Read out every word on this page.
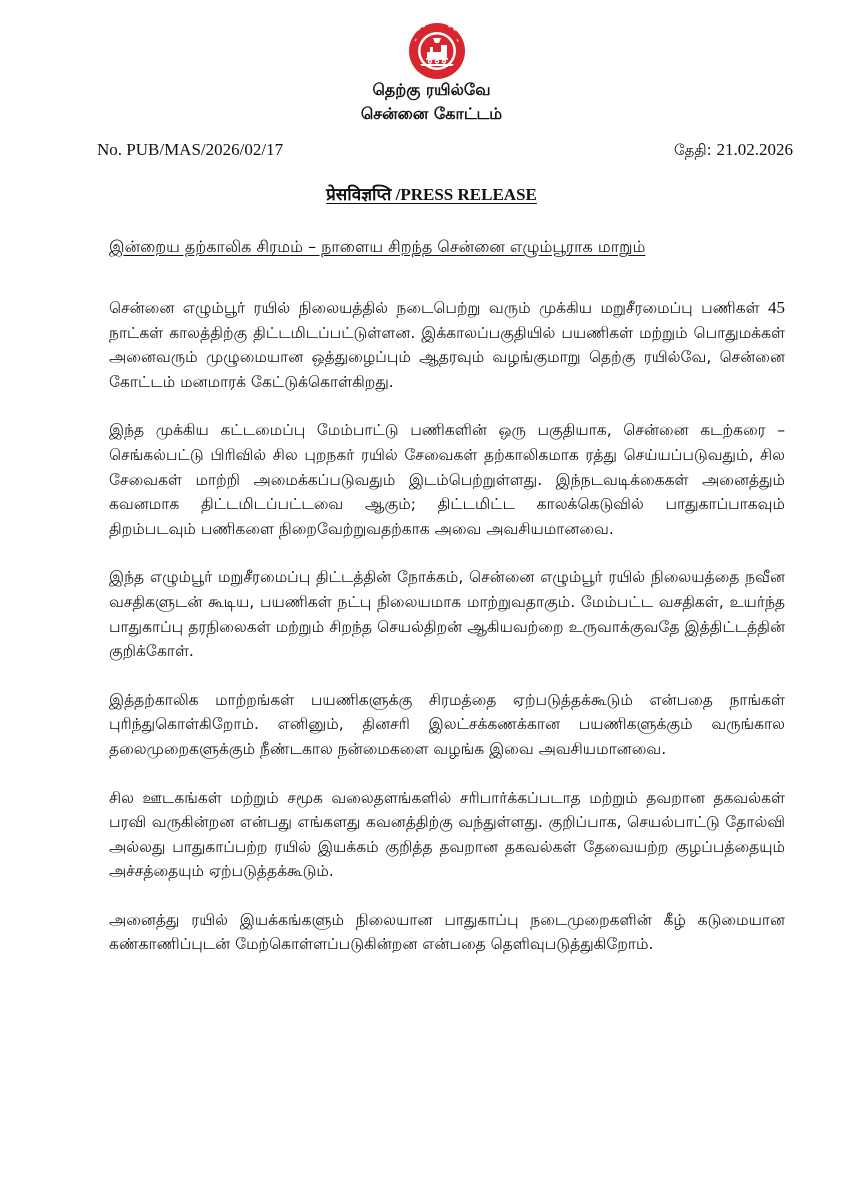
தெற்கு ரயில்வே
சென்னை கோட்டம்
No. PUB/MAS/2026/02/17	தேதி: 21.02.2026
प्रेसविज्ञप्ति /PRESS RELEASE
இன்றைய தற்காலிக சிரமம் – நாளைய சிறந்த சென்னை எழும்பூராக மாறும்

சென்னை எழும்பூர் ரயில் நிலையத்தில் நடைபெற்று வரும் முக்கிய மறுசீரமைப்பு பணிகள் 45 நாட்கள் காலத்திற்கு திட்டமிடப்பட்டுள்ளன. இக்காலப்பகுதியில் பயணிகள் மற்றும் பொதுமக்கள் அனைவரும் முழுமையான ஒத்துழைப்பும் ஆதரவும் வழங்குமாறு தெற்கு ரயில்வே, சென்னை கோட்டம் மனமாரக் கேட்டுக்கொள்கிறது.

இந்த முக்கிய கட்டமைப்பு மேம்பாட்டு பணிகளின் ஒரு பகுதியாக, சென்னை கடற்கரை – செங்கல்பட்டு பிரிவில் சில புறநகர் ரயில் சேவைகள் தற்காலிகமாக ரத்து செய்யப்படுவதும், சில சேவைகள் மாற்றி அமைக்கப்படுவதும் இடம்பெற்றுள்ளது. இந்நடவடிக்கைகள் அனைத்தும் கவனமாக திட்டமிடப்பட்டவை ஆகும்; திட்டமிட்ட காலக்கெடுவில் பாதுகாப்பாகவும் திறம்படவும் பணிகளை நிறைவேற்றுவதற்காக அவை அவசியமானவை.

இந்த எழும்பூர் மறுசீரமைப்பு திட்டத்தின் நோக்கம், சென்னை எழும்பூர் ரயில் நிலையத்தை நவீன வசதிகளுடன் கூடிய, பயணிகள் நட்பு நிலையமாக மாற்றுவதாகும். மேம்பட்ட வசதிகள், உயர்ந்த பாதுகாப்பு தரநிலைகள் மற்றும் சிறந்த செயல்திறன் ஆகியவற்றை உருவாக்குவதே இத்திட்டத்தின் குறிக்கோள்.

இத்தற்காலிக மாற்றங்கள் பயணிகளுக்கு சிரமத்தை ஏற்படுத்தக்கூடும் என்பதை நாங்கள் புரிந்துகொள்கிறோம். எனினும், தினசரி இலட்சக்கணக்கான பயணிகளுக்கும் வருங்கால தலைமுறைகளுக்கும் நீண்டகால நன்மைகளை வழங்க இவை அவசியமானவை.

சில ஊடகங்கள் மற்றும் சமூக வலைதளங்களில் சரிபார்க்கப்படாத மற்றும் தவறான தகவல்கள் பரவி வருகின்றன என்பது எங்களது கவனத்திற்கு வந்துள்ளது. குறிப்பாக, செயல்பாட்டு தோல்வி அல்லது பாதுகாப்பற்ற ரயில் இயக்கம் குறித்த தவறான தகவல்கள் தேவையற்ற குழப்பத்தையும் அச்சத்தையும் ஏற்படுத்தக்கூடும்.

அனைத்து ரயில் இயக்கங்களும் நிலையான பாதுகாப்பு நடைமுறைகளின் கீழ் கடுமையான கண்காணிப்புடன் மேற்கொள்ளப்படுகின்றன என்பதை தெளிவுபடுத்துகிறோம்.
